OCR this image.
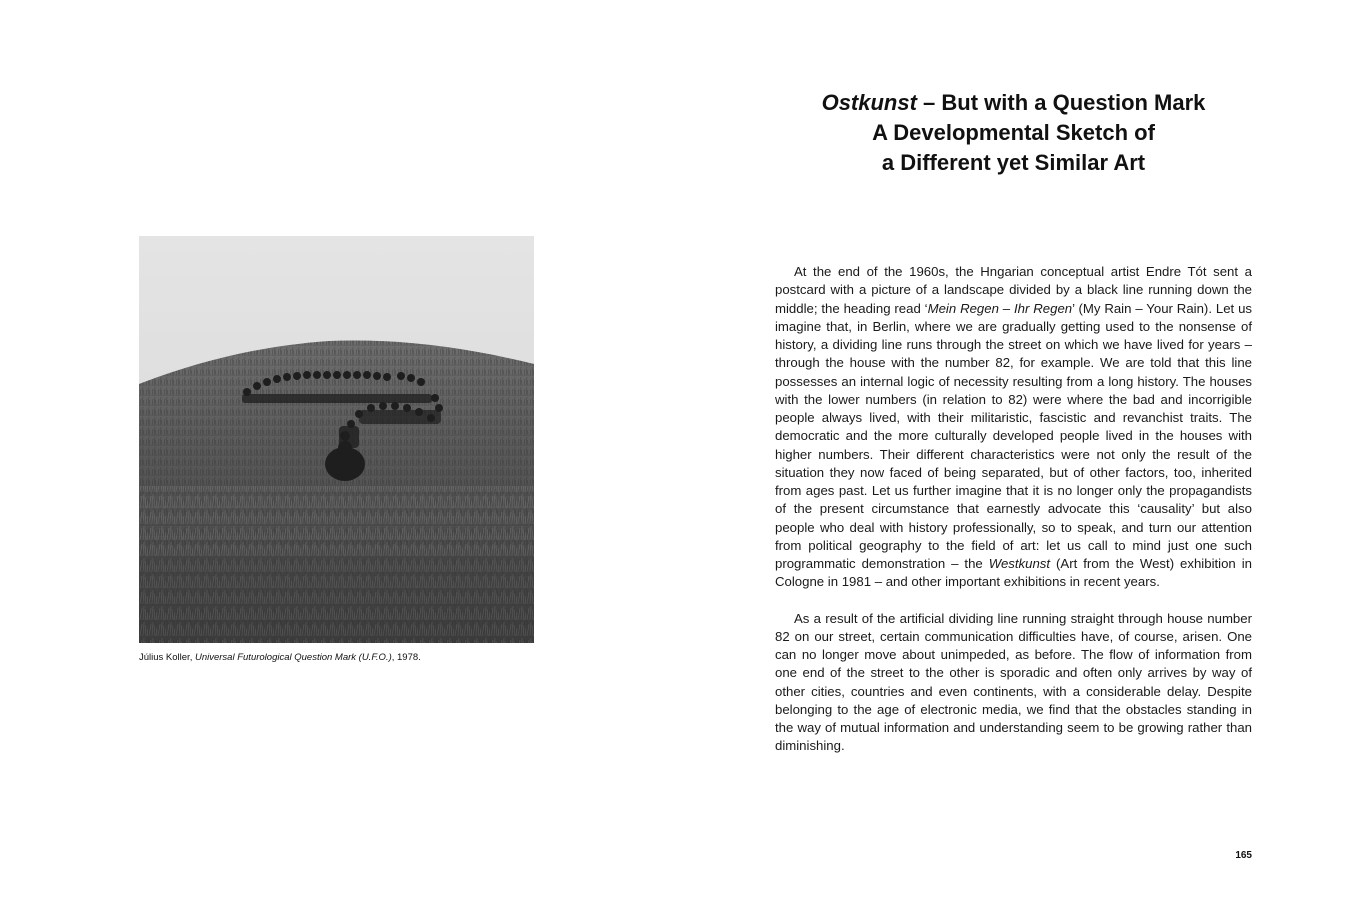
Július Koller, Universal Futurological Question Mark (U.F.O.), 1978.
Ostkunst – But with a Question Mark
A Developmental Sketch of
a Different yet Similar Art

At the end of the 1960s, the Hngarian conceptual artist Endre Tót sent a postcard with a picture of a landscape divided by a black line running down the middle; the heading read ‘Mein Regen – Ihr Regen’ (My Rain – Your Rain). Let us imagine that, in Berlin, where we are gradually getting used to the nonsense of history, a dividing line runs through the street on which we have lived for years – through the house with the number 82, for example. We are told that this line possesses an internal logic of necessity resulting from a long history. The houses with the lower numbers (in relation to 82) were where the bad and incorrigible people always lived, with their militaristic, fascistic and revanchist traits. The democratic and the more culturally developed people lived in the houses with higher numbers. Their different characteristics were not only the result of the situation they now faced of being separated, but of other factors, too, inherited from ages past. Let us further imagine that it is no longer only the propagandists of the present circumstance that earnestly advocate this ‘causality’ but also people who deal with history professionally, so to speak, and turn our attention from political geography to the field of art: let us call to mind just one such programmatic demonstration – the Westkunst (Art from the West) exhibition in Cologne in 1981 – and other important exhibitions in recent years.

As a result of the artificial dividing line running straight through house number 82 on our street, certain communication difficulties have, of course, arisen. One can no longer move about unimpeded, as before. The flow of information from one end of the street to the other is sporadic and often only arrives by way of other cities, countries and even continents, with a considerable delay. Despite belonging to the age of electronic media, we find that the obstacles standing in the way of mutual information and understanding seem to be growing rather than diminishing.

165
